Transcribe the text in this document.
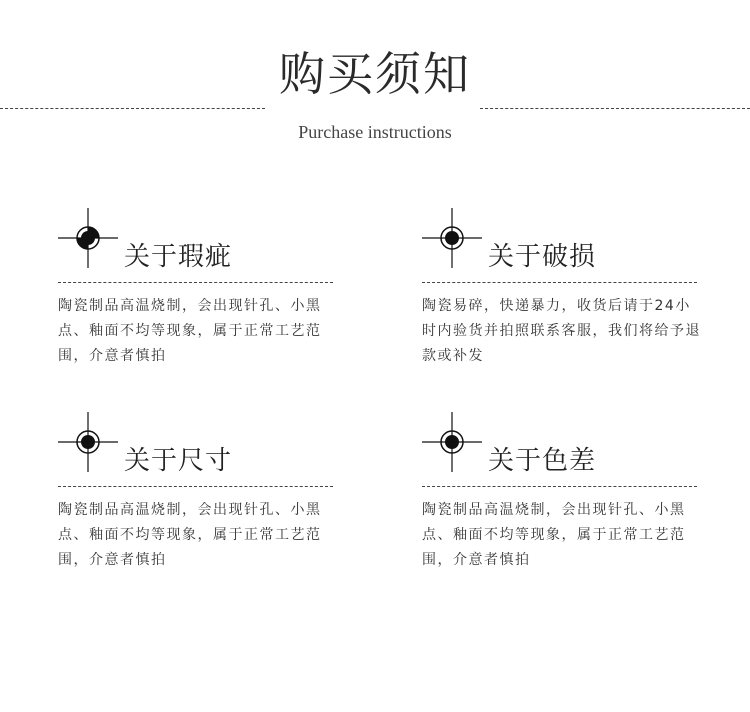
购买须知
Purchase instructions
关于瑕疵
陶瓷制品高温烧制，会出现针孔、小黑点、釉面不均等现象，属于正常工艺范围，介意者慎拍
关于破损
陶瓷易碎，快递暴力，收货后请于24小时内验货并拍照联系客服，我们将给予退款或补发
关于尺寸
陶瓷制品高温烧制，会出现针孔、小黑点、釉面不均等现象，属于正常工艺范围，介意者慎拍
关于色差
陶瓷制品高温烧制，会出现针孔、小黑点、釉面不均等现象，属于正常工艺范围，介意者慎拍
